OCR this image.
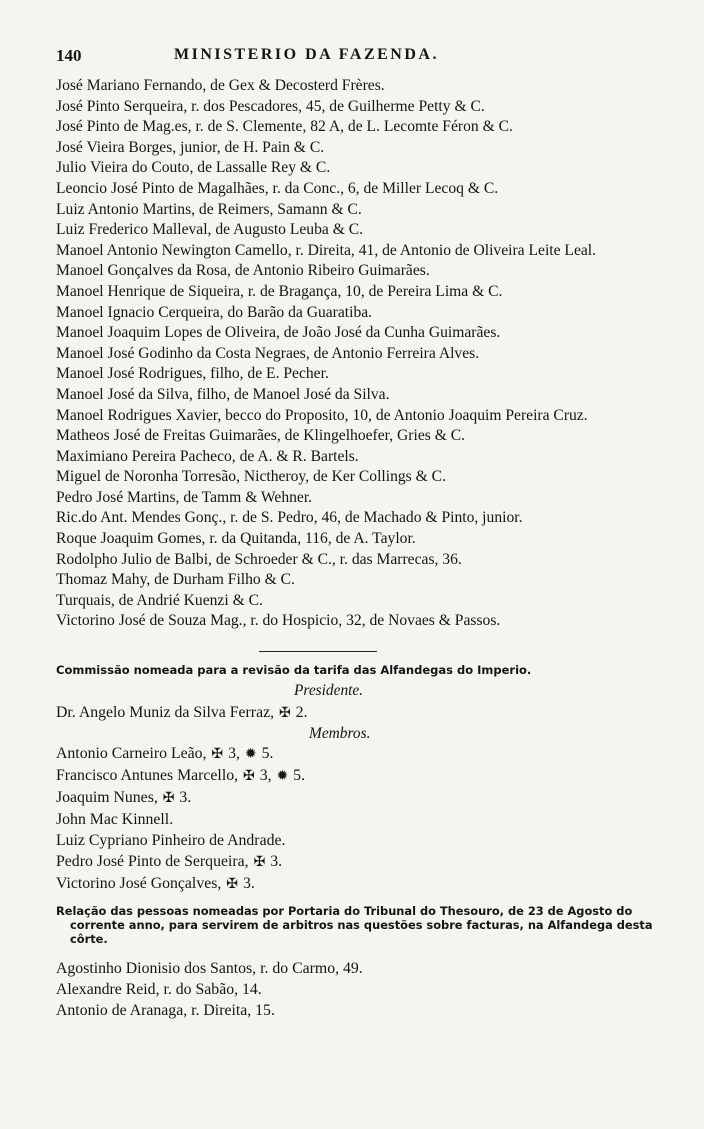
140	MINISTERIO DA FAZENDA.
José Mariano Fernando, de Gex & Decosterd Frères.
José Pinto Serqueira, r. dos Pescadores, 45, de Guilherme Petty & C.
José Pinto de Mag.es, r. de S. Clemente, 82 A, de L. Lecomte Féron & C.
José Vieira Borges, junior, de H. Pain & C.
Julio Vieira do Couto, de Lassalle Rey & C.
Leoncio José Pinto de Magalhães, r. da Conc., 6, de Miller Lecoq & C.
Luiz Antonio Martins, de Reimers, Samann & C.
Luiz Frederico Malleval, de Augusto Leuba & C.
Manoel Antonio Newington Camello, r. Direita, 41, de Antonio de Oliveira Leite Leal.
Manoel Gonçalves da Rosa, de Antonio Ribeiro Guimarães.
Manoel Henrique de Siqueira, r. de Bragança, 10, de Pereira Lima & C.
Manoel Ignacio Cerqueira, do Barão da Guaratiba.
Manoel Joaquim Lopes de Oliveira, de João José da Cunha Guimarães.
Manoel José Godinho da Costa Negraes, de Antonio Ferreira Alves.
Manoel José Rodrigues, filho, de E. Pecher.
Manoel José da Silva, filho, de Manoel José da Silva.
Manoel Rodrigues Xavier, becco do Proposito, 10, de Antonio Joaquim Pereira Cruz.
Matheos José de Freitas Guimarães, de Klingelhoefer, Gries & C.
Maximiano Pereira Pacheco, de A. & R. Bartels.
Miguel de Noronha Torresão, Nictheroy, de Ker Collings & C.
Pedro José Martins, de Tamm & Wehner.
Ric.do Ant. Mendes Gonç., r. de S. Pedro, 46, de Machado & Pinto, junior.
Roque Joaquim Gomes, r. da Quitanda, 116, de A. Taylor.
Rodolpho Julio de Balbi, de Schroeder & C., r. das Marrecas, 36.
Thomaz Mahy, de Durham Filho & C.
Turquais, de Andrié Kuenzi & C.
Victorino José de Souza Mag., r. do Hospicio, 32, de Novaes & Passos.
Commissão nomeada para a revisão da tarifa das Alfandegas do Imperio.
Presidente.
Dr. Angelo Muniz da Silva Ferraz, ✠ 2.
Membros.
Antonio Carneiro Leão, ✠ 3, ✹ 5.
Francisco Antunes Marcello, ✠ 3, ✹ 5.
Joaquim Nunes, ✠ 3.
John Mac Kinnell.
Luiz Cypriano Pinheiro de Andrade.
Pedro José Pinto de Serqueira, ✠ 3.
Victorino José Gonçalves, ✠ 3.
Relação das pessoas nomeadas por Portaria do Tribunal do Thesouro, de 23 de Agosto do corrente anno, para servirem de arbitros nas questões sobre facturas, na Alfandega desta côrte.
Agostinho Dionisio dos Santos, r. do Carmo, 49.
Alexandre Reid, r. do Sabão, 14.
Antonio de Aranaga, r. Direita, 15.
